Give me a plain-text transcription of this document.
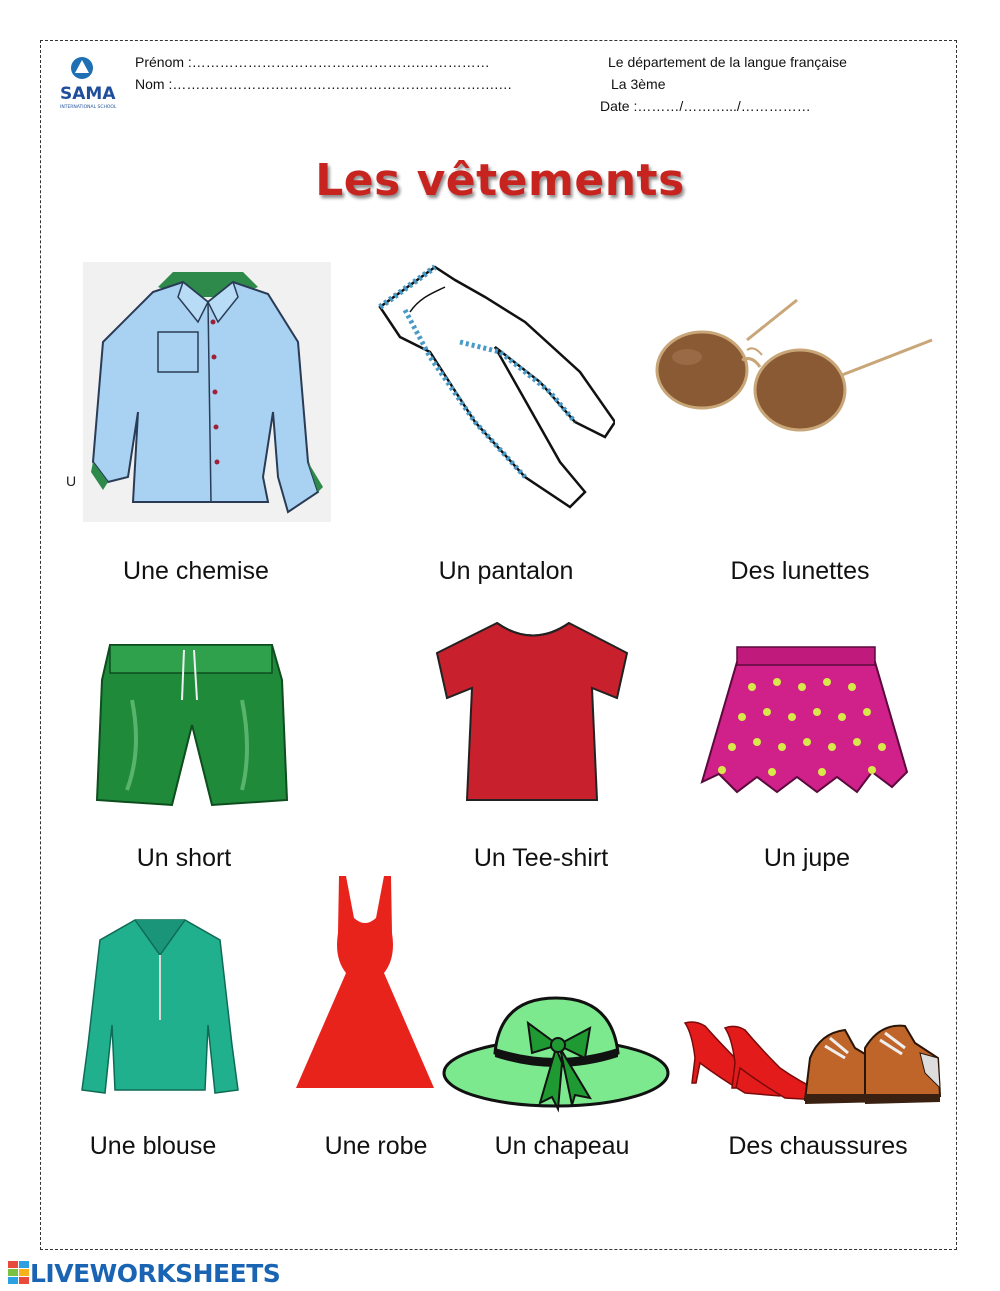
SAMA
INTERNATIONAL SCHOOL
Prénom :………………………………………….……………
Nom :…………………………………………………………….…
Le département de la langue française
La 3ème
Date :………/……….../……………
Les vêtements
U
Une chemise	Un pantalon	Des lunettes
Un short	Un Tee-shirt	Un jupe
Une blouse	Une robe	Un chapeau	Des chaussures
LIVEWORKSHEETS
